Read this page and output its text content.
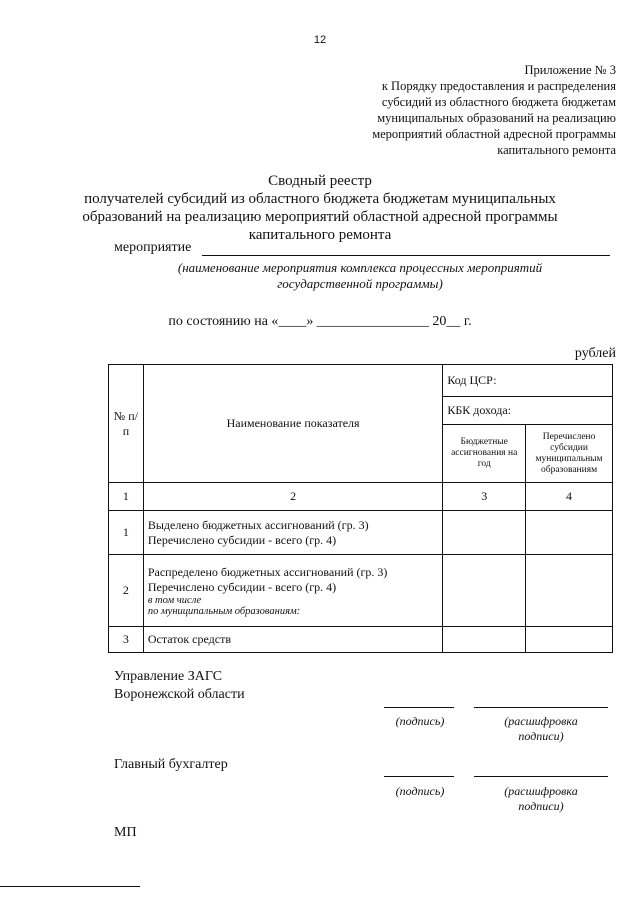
12
Приложение № 3
к Порядку предоставления и распределения
субсидий из областного бюджета бюджетам
муниципальных образований на реализацию
мероприятий областной адресной программы
капитального ремонта
Сводный реестр
получателей субсидий из областного бюджета бюджетам муниципальных
образований на реализацию мероприятий областной адресной программы
капитального ремонта
мероприятие
(наименование мероприятия комплекса процессных мероприятий
государственной программы)
по состоянию на «____» ________________ 20__ г.
рублей
№ п/п	Наименование показателя	Код ЦСР:	
		КБК дохода:	
		Бюджетные ассигнования на год	Перечислено субсидии муниципальным образованиям
1	2	3	4
1	Выделено бюджетных ассигнований (гр. 3)
Перечислено субсидии - всего (гр. 4)		

2	Распределено бюджетных ассигнований (гр. 3)
Перечислено субсидии - всего (гр. 4)
в том числе
по муниципальным образованиям:		

3	Остаток средств		
Управление ЗАГС
Воронежской области
(подпись)	(расшифровка
подписи)
Главный бухгалтер
(подпись)	(расшифровка
подписи)
МП
